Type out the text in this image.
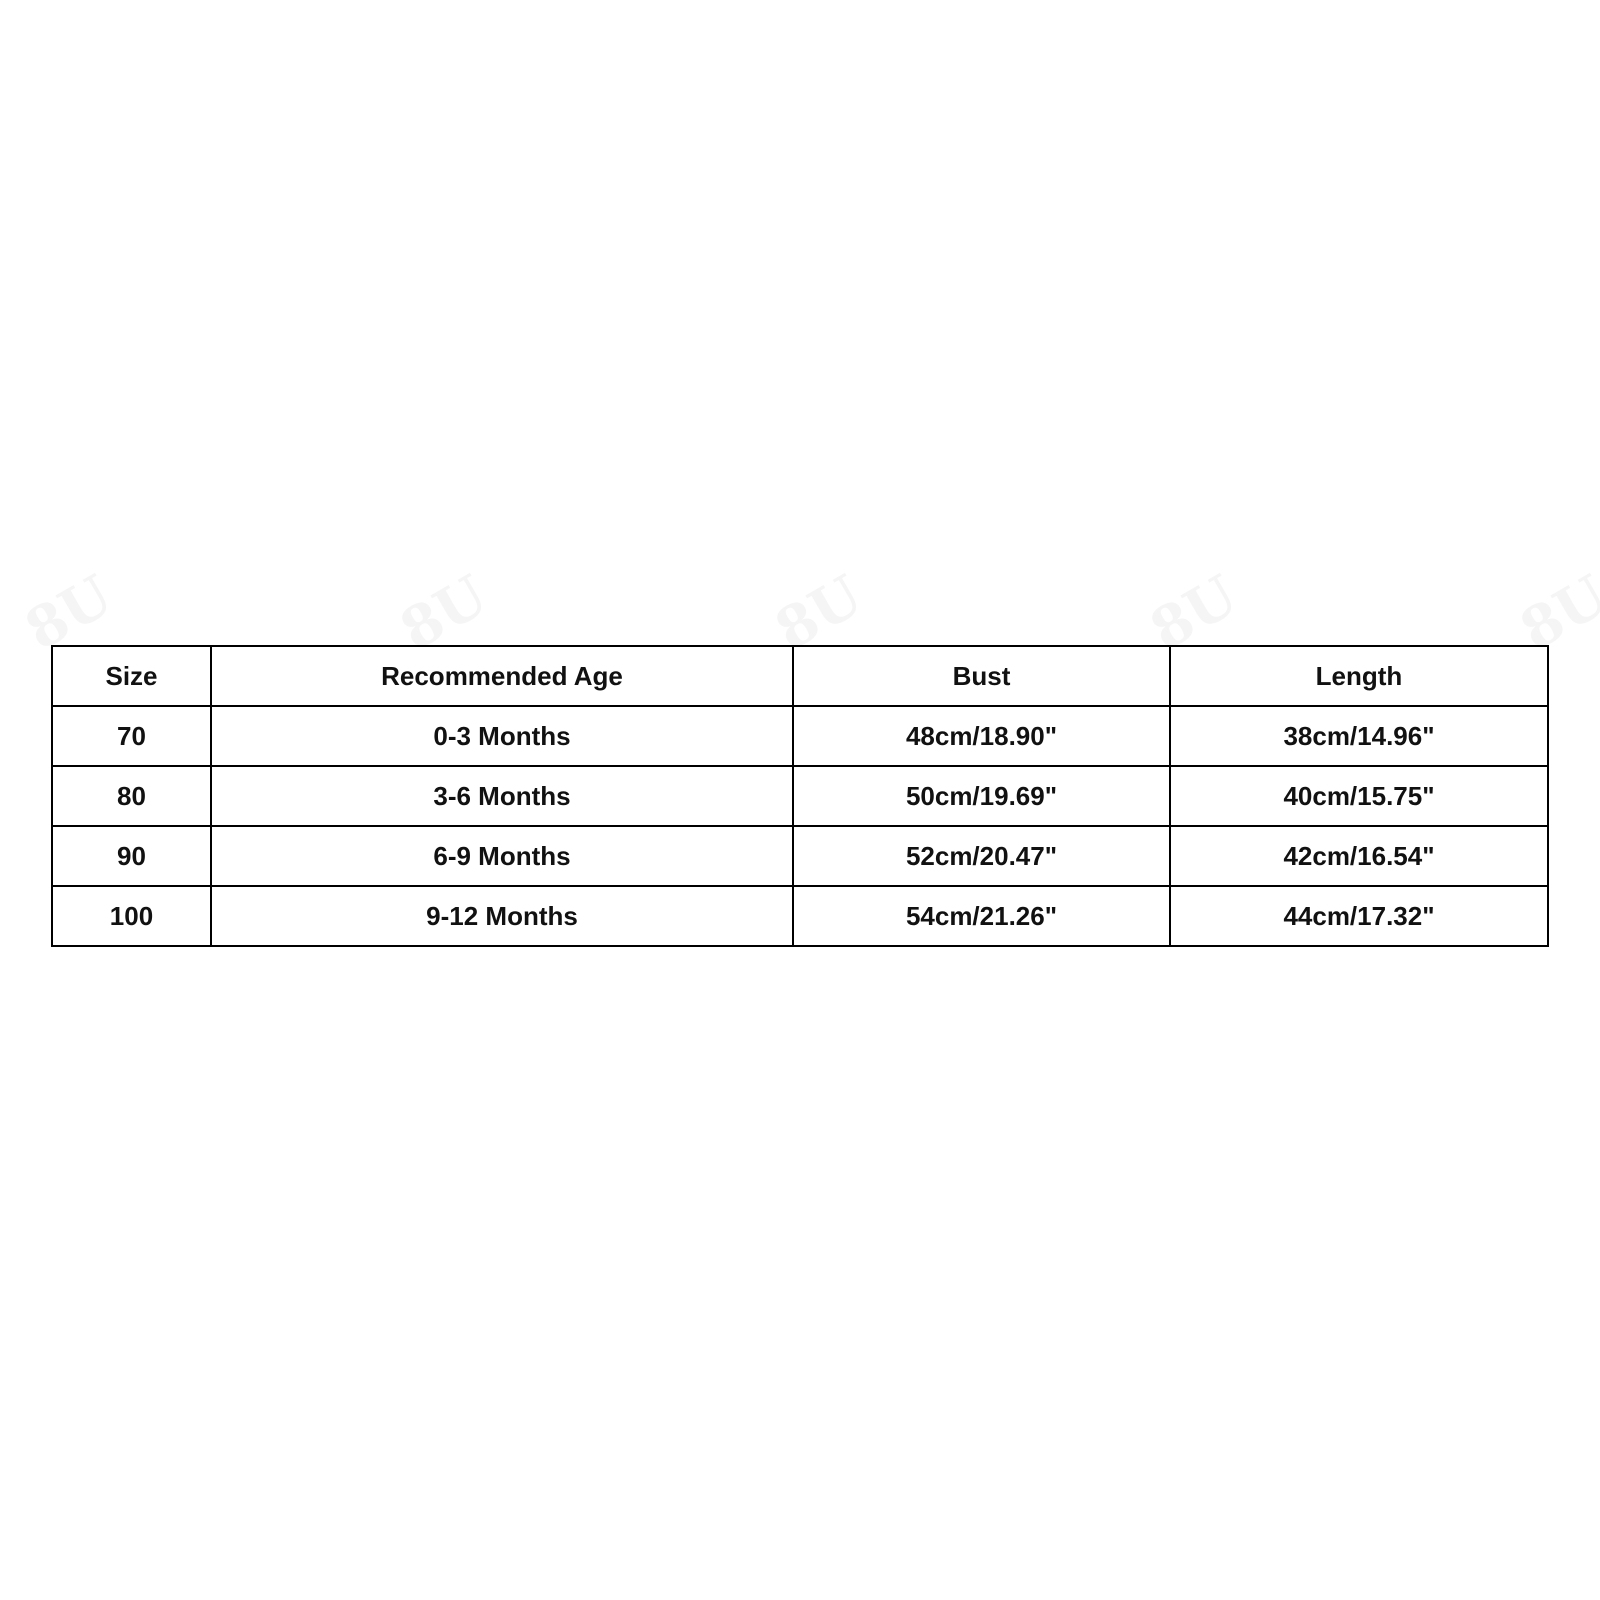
Size	Recommended Age	Bust	Length
70	0-3 Months	48cm/18.90"	38cm/14.96"
80	3-6 Months	50cm/19.69"	40cm/15.75"
90	6-9 Months	52cm/20.47"	42cm/16.54"
100	9-12 Months	54cm/21.26"	44cm/17.32"
